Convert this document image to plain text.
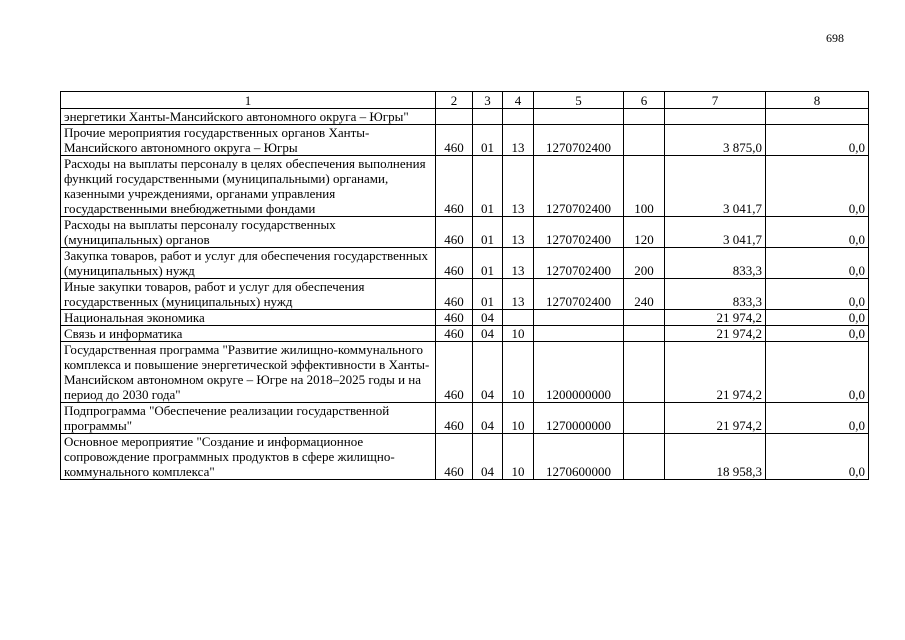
698
1	2	3	4	5	6	7	8
энергетики Ханты-Мансийского автономного округа – Югры"							
Прочие мероприятия государственных органов Ханты-Мансийского автономного округа – Югры	460	01	13	1270702400		3 875,0	0,0
Расходы на выплаты персоналу в целях обеспечения выполнения функций государственными (муниципальными) органами, казенными учреждениями, органами управления государственными внебюджетными фондами	460	01	13	1270702400	100	3 041,7	0,0
Расходы на выплаты персоналу государственных (муниципальных) органов	460	01	13	1270702400	120	3 041,7	0,0
Закупка товаров, работ и услуг для обеспечения государственных (муниципальных) нужд	460	01	13	1270702400	200	833,3	0,0
Иные закупки товаров, работ и услуг для обеспечения государственных (муниципальных) нужд	460	01	13	1270702400	240	833,3	0,0
Национальная экономика	460	04				21 974,2	0,0
Связь и информатика	460	04	10			21 974,2	0,0
Государственная программа "Развитие жилищно-коммунального комплекса и повышение энергетической эффективности в Ханты-Мансийском автономном округе – Югре на 2018–2025 годы и на период до 2030 года"	460	04	10	1200000000		21 974,2	0,0
Подпрограмма "Обеспечение реализации государственной программы"	460	04	10	1270000000		21 974,2	0,0
Основное мероприятие "Создание и информационное сопровождение программных продуктов в сфере жилищно-коммунального комплекса"	460	04	10	1270600000		18 958,3	0,0
